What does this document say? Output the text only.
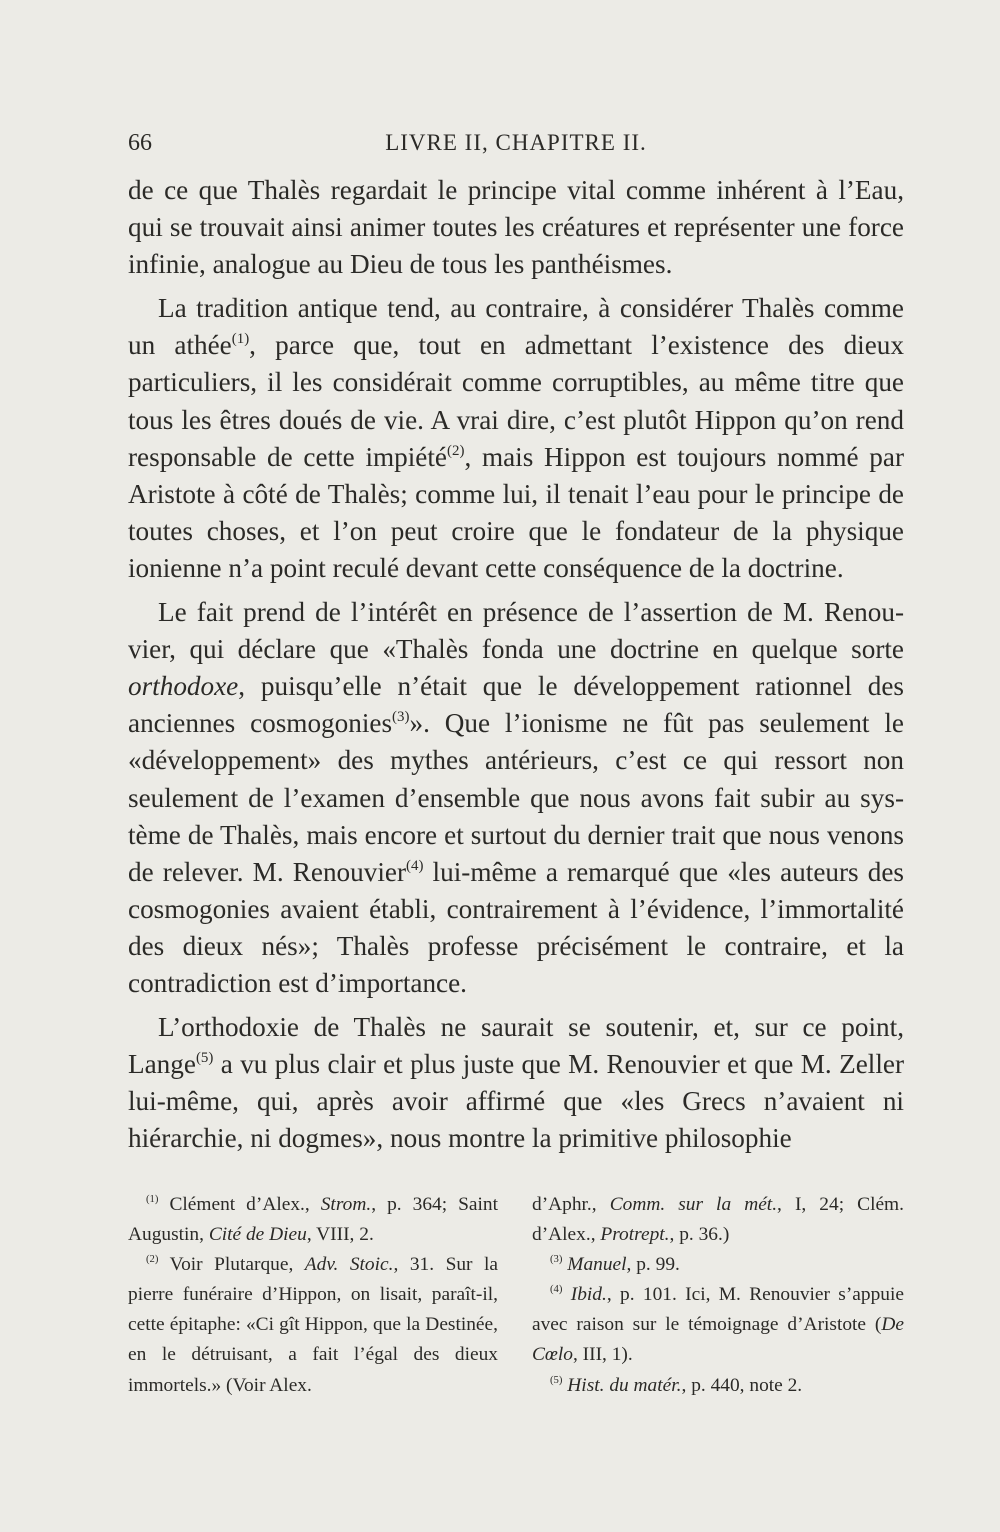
66	LIVRE II, CHAPITRE II.

de ce que Thalès regardait le principe vital comme inhérent à l’Eau, qui se trouvait ainsi animer toutes les créatures et représenter une force infinie, analogue au Dieu de tous les panthéismes.

La tradition antique tend, au contraire, à considérer Thalès comme un athée$^{(1)}$, parce que, tout en admettant l’existence des dieux particuliers, il les considérait comme corruptibles, au même titre que tous les êtres doués de vie. A vrai dire, c’est plutôt Hippon qu’on rend responsable de cette impiété$^{(2)}$, mais Hippon est toujours nommé par Aristote à côté de Thalès; comme lui, il tenait l’eau pour le principe de toutes choses, et l’on peut croire que le fondateur de la physique ionienne n’a point reculé devant cette conséquence de la doctrine.

Le fait prend de l’intérêt en présence de l’assertion de M. Renouvier, qui déclare que «Thalès fonda une doctrine en quelque sorte orthodoxe, puisqu’elle n’était que le développement rationnel des anciennes cosmogonies$^{(3)}$». Que l’ionisme ne fût pas seulement le «développement» des mythes antérieurs, c’est ce qui ressort non seulement de l’examen d’ensemble que nous avons fait subir au système de Thalès, mais encore et surtout du dernier trait que nous venons de relever. M. Renouvier$^{(4)}$ lui-même a remarqué que «les auteurs des cosmogonies avaient établi, contrairement à l’évidence, l’immortalité des dieux nés»; Thalès professe précisément le contraire, et la contradiction est d’importance.

L’orthodoxie de Thalès ne saurait se soutenir, et, sur ce point, Lange$^{(5)}$ a vu plus clair et plus juste que M. Renouvier et que M. Zeller lui-même, qui, après avoir affirmé que «les Grecs n’avaient ni hiérarchie, ni dogmes», nous montre la primitive philosophie

$^{(1)}$ Clément d’Alex., Strom., p. 364; Saint Augustin, Cité de Dieu, VIII, 2.

$^{(2)}$ Voir Plutarque, Adv. Stoic., 31. Sur la pierre funéraire d’Hippon, on lisait, paraît-il, cette épitaphe: «Ci gît Hippon, que la Destinée, en le détruisant, a fait l’égal des dieux immortels.» (Voir Alex.

d’Aphr., Comm. sur la mét., I, 24; Clém. d’Alex., Protrept., p. 36.)

$^{(3)}$ Manuel, p. 99.

$^{(4)}$ Ibid., p. 101. Ici, M. Renouvier s’appuie avec raison sur le témoignage d’Aristote (De Cœlo, III, 1).

$^{(5)}$ Hist. du matér., p. 440, note 2.
